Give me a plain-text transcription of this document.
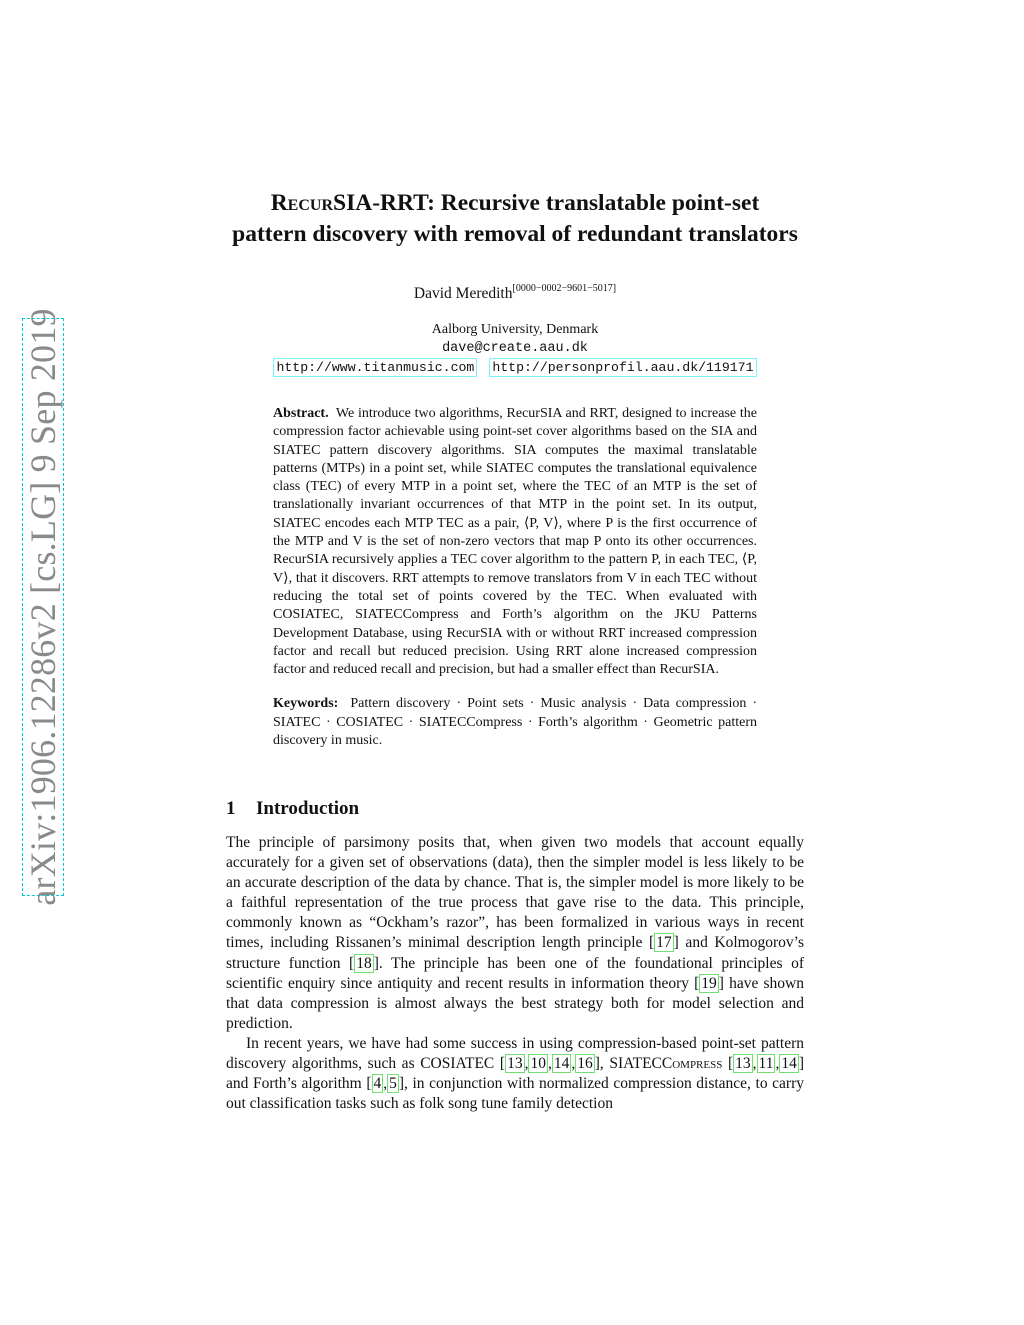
arXiv:1906.12286v2 [cs.LG] 9 Sep 2019
RecurSIA-RRT: Recursive translatable point-set
pattern discovery with removal of redundant translators
David Meredith[0000−0002−9601−5017]
Aalborg University, Denmark
dave@create.aau.dk
http://www.titanmusic.com http://personprofil.aau.dk/119171

Abstract. We introduce two algorithms, RecurSIA and RRT, designed to increase the compression factor achievable using point-set cover algorithms based on the SIA and SIATEC pattern discovery algorithms. SIA computes the maximal translatable patterns (MTPs) in a point set, while SIATEC computes the translational equivalence class (TEC) of every MTP in a point set, where the TEC of an MTP is the set of translationally invariant occurrences of that MTP in the point set. In its output, SIATEC encodes each MTP TEC as a pair, ⟨P, V⟩, where P is the first occurrence of the MTP and V is the set of non-zero vectors that map P onto its other occurrences. RecurSIA recursively applies a TEC cover algorithm to the pattern P, in each TEC, ⟨P, V⟩, that it discovers. RRT attempts to remove translators from V in each TEC without reducing the total set of points covered by the TEC. When evaluated with COSIATEC, SIATECCompress and Forth’s algorithm on the JKU Patterns Development Database, using RecurSIA with or without RRT increased compression factor and recall but reduced precision. Using RRT alone increased compression factor and reduced recall and precision, but had a smaller effect than RecurSIA.

Keywords: Pattern discovery · Point sets · Music analysis · Data compression · SIATEC · COSIATEC · SIATECCompress · Forth’s algorithm · Geometric pattern discovery in music.

1 Introduction

The principle of parsimony posits that, when given two models that account equally accurately for a given set of observations (data), then the simpler model is less likely to be an accurate description of the data by chance. That is, the simpler model is more likely to be a faithful representation of the true process that gave rise to the data. This principle, commonly known as “Ockham’s razor”, has been formalized in various ways in recent times, including Rissanen’s minimal description length principle [ 17 ] and Kolmogorov’s structure function [ 18 ]. The principle has been one of the foundational principles of scientific enquiry since antiquity and recent results in information theory [ 19 ] have shown that data compression is almost always the best strategy both for model selection and prediction.

In recent years, we have had some success in using compression-based point-set pattern discovery algorithms, such as COSIATEC [ 13 , 10 , 14 , 16 ], SIATECCompress [ 13 , 11 , 14 ] and Forth’s algorithm [ 4 , 5 ], in conjunction with normalized compression distance, to carry out classification tasks such as folk song tune family detection
